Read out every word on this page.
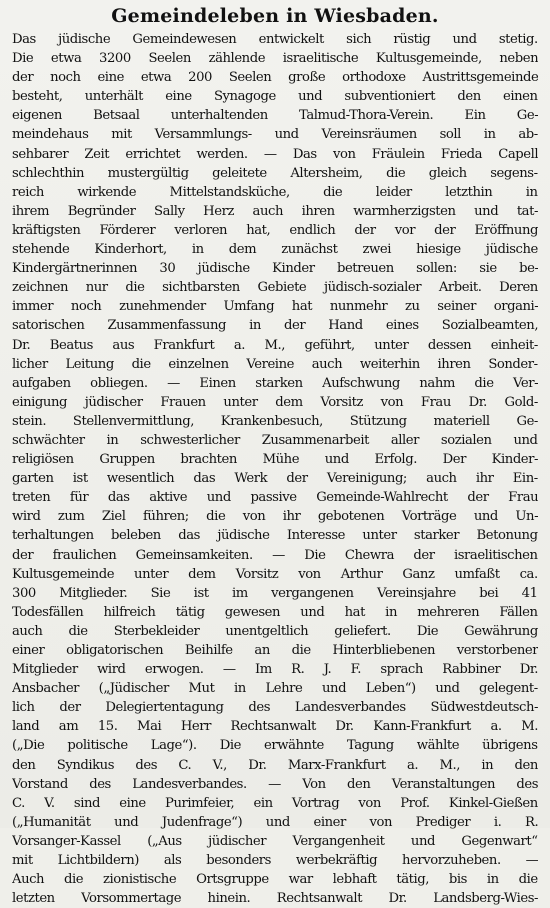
Gemeindeleben in Wiesbaden.
Das jüdische Gemeindewesen entwickelt sich rüstig und stetig.
Die etwa 3200 Seelen zählende israelitische Kultusgemeinde, neben
der noch eine etwa 200 Seelen große orthodoxe Austrittsgemeinde
besteht, unterhält eine Synagoge und subventioniert den einen
eigenen Betsaal unterhaltenden Talmud-Thora-Verein. Ein Ge-
meindehaus mit Versammlungs- und Vereinsräumen soll in ab-
sehbarer Zeit errichtet werden. — Das von Fräulein Frieda Capell
schlechthin mustergültig geleitete Altersheim, die gleich segens-
reich wirkende Mittelstandsküche, die leider letzthin in
ihrem Begründer Sally Herz auch ihren warmherzigsten und tat-
kräftigsten Förderer verloren hat, endlich der vor der Eröffnung
stehende Kinderhort, in dem zunächst zwei hiesige jüdische
Kindergärtnerinnen 30 jüdische Kinder betreuen sollen: sie be-
zeichnen nur die sichtbarsten Gebiete jüdisch-sozialer Arbeit. Deren
immer noch zunehmender Umfang hat nunmehr zu seiner organi-
satorischen Zusammenfassung in der Hand eines Sozialbeamten,
Dr. Beatus aus Frankfurt a. M., geführt, unter dessen einheit-
licher Leitung die einzelnen Vereine auch weiterhin ihren Sonder-
aufgaben obliegen. — Einen starken Aufschwung nahm die Ver-
einigung jüdischer Frauen unter dem Vorsitz von Frau Dr. Gold-
stein. Stellenvermittlung, Krankenbesuch, Stützung materiell Ge-
schwächter in schwesterlicher Zusammenarbeit aller sozialen und
religiösen Gruppen brachten Mühe und Erfolg. Der Kinder-
garten ist wesentlich das Werk der Vereinigung; auch ihr Ein-
treten für das aktive und passive Gemeinde-Wahlrecht der Frau
wird zum Ziel führen; die von ihr gebotenen Vorträge und Un-
terhaltungen beleben das jüdische Interesse unter starker Betonung
der fraulichen Gemeinsamkeiten. — Die Chewra der israelitischen
Kultusgemeinde unter dem Vorsitz von Arthur Ganz umfaßt ca.
300 Mitglieder. Sie ist im vergangenen Vereinsjahre bei 41
Todesfällen hilfreich tätig gewesen und hat in mehreren Fällen
auch die Sterbekleider unentgeltlich geliefert. Die Gewährung
einer obligatorischen Beihilfe an die Hinterbliebenen verstorbener
Mitglieder wird erwogen. — Im R. J. F. sprach Rabbiner Dr.
Ansbacher („Jüdischer Mut in Lehre und Leben“) und gelegent-
lich der Delegiertentagung des Landesverbandes Südwestdeutsch-
land am 15. Mai Herr Rechtsanwalt Dr. Kann-Frankfurt a. M.
(„Die politische Lage“). Die erwähnte Tagung wählte übrigens
den Syndikus des C. V., Dr. Marx-Frankfurt a. M., in den
Vorstand des Landesverbandes. — Von den Veranstaltungen des
C. V. sind eine Purimfeier, ein Vortrag von Prof. Kinkel-Gießen
(„Humanität und Judenfrage“) und einer von Prediger i. R.
Vorsanger-Kassel („Aus jüdischer Vergangenheit und Gegenwart“
mit Lichtbildern) als besonders werbekräftig hervorzuheben. —
Auch die zionistische Ortsgruppe war lebhaft tätig, bis in die
letzten Vorsommertage hinein. Rechtsanwalt Dr. Landsberg-Wies-
